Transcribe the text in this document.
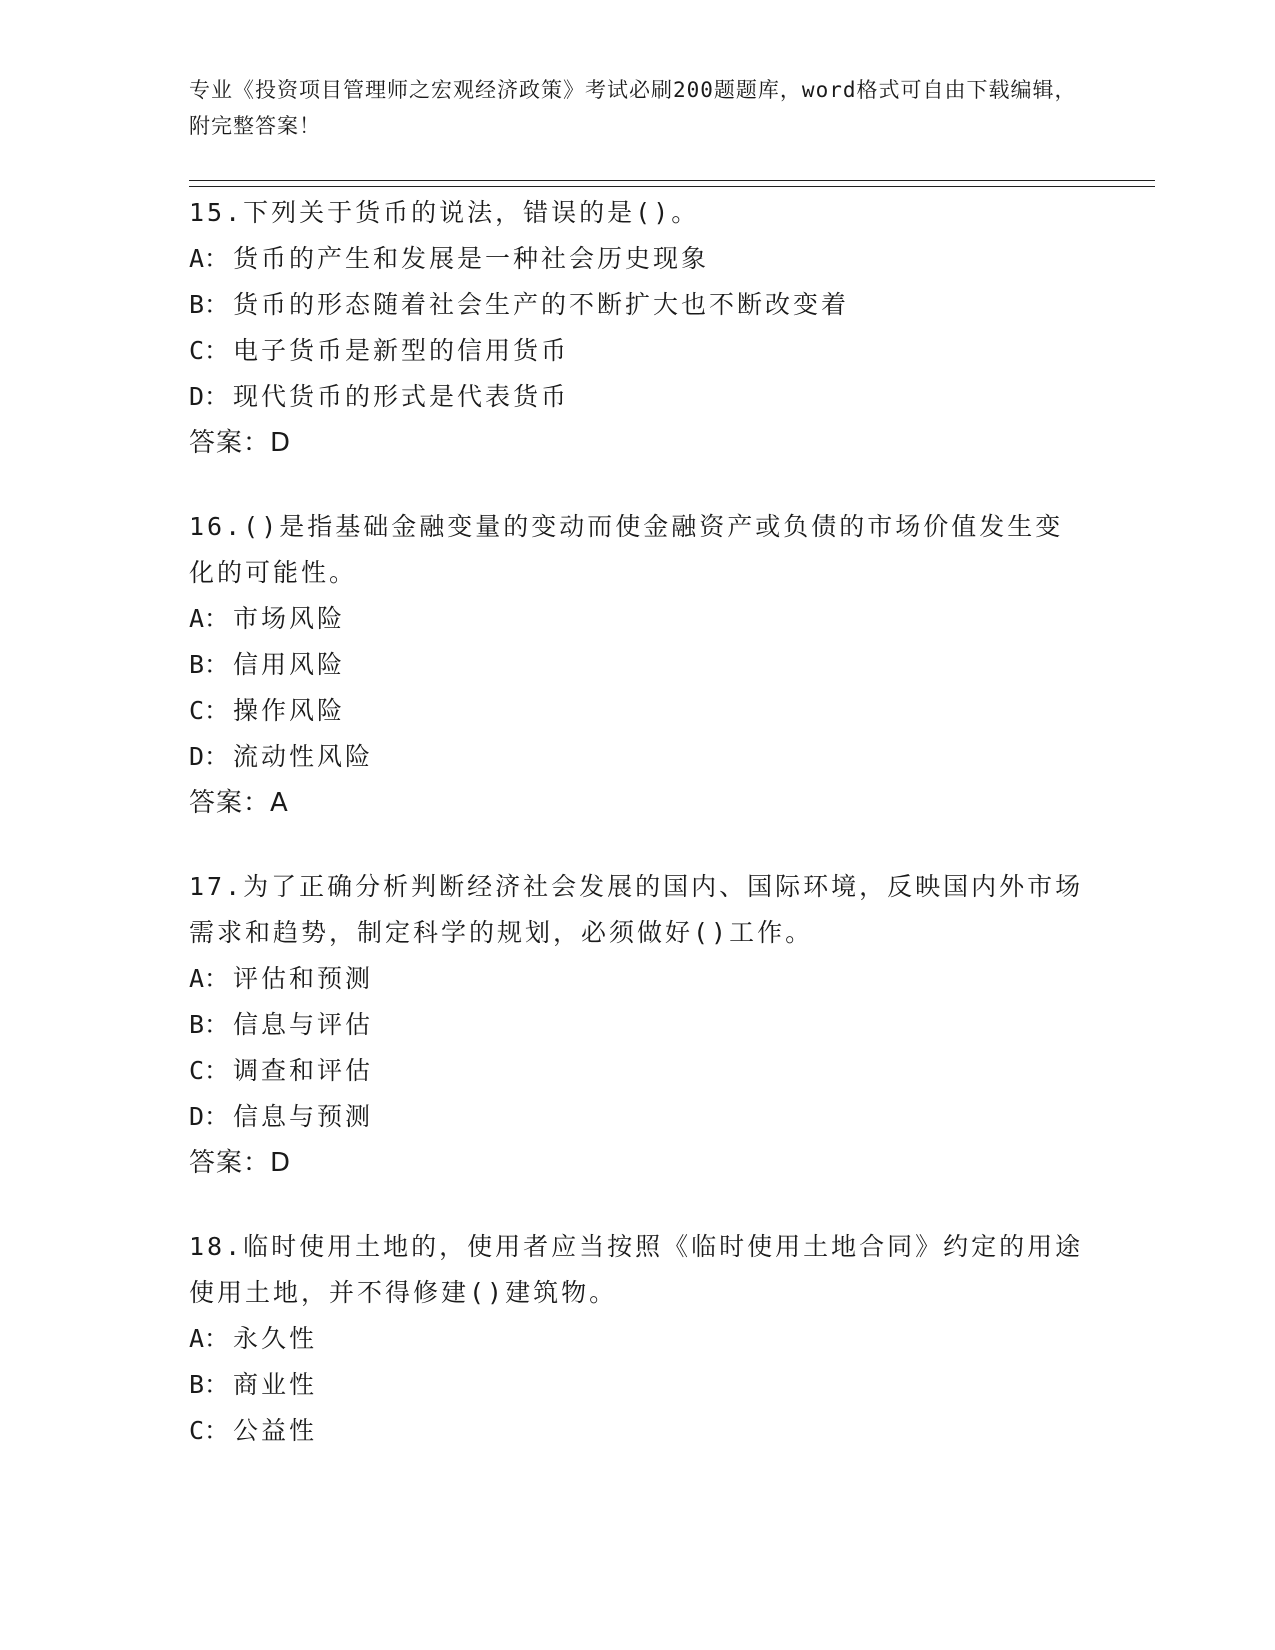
专业《投资项目管理师之宏观经济政策》考试必刷200题题库，word格式可自由下载编辑，附完整答案！

15.下列关于货币的说法，错误的是()。

A： 货币的产生和发展是一种社会历史现象
B： 货币的形态随着社会生产的不断扩大也不断改变着
C： 电子货币是新型的信用货币
D： 现代货币的形式是代表货币
答案：D

16.()是指基础金融变量的变动而使金融资产或负债的市场价值发生变化的可能性。

A： 市场风险
B： 信用风险
C： 操作风险
D： 流动性风险
答案：A

17.为了正确分析判断经济社会发展的国内、国际环境，反映国内外市场需求和趋势，制定科学的规划，必须做好()工作。

A： 评估和预测
B： 信息与评估
C： 调查和评估
D： 信息与预测
答案：D

18.临时使用土地的，使用者应当按照《临时使用土地合同》约定的用途使用土地，并不得修建()建筑物。

A： 永久性
B： 商业性
C： 公益性
